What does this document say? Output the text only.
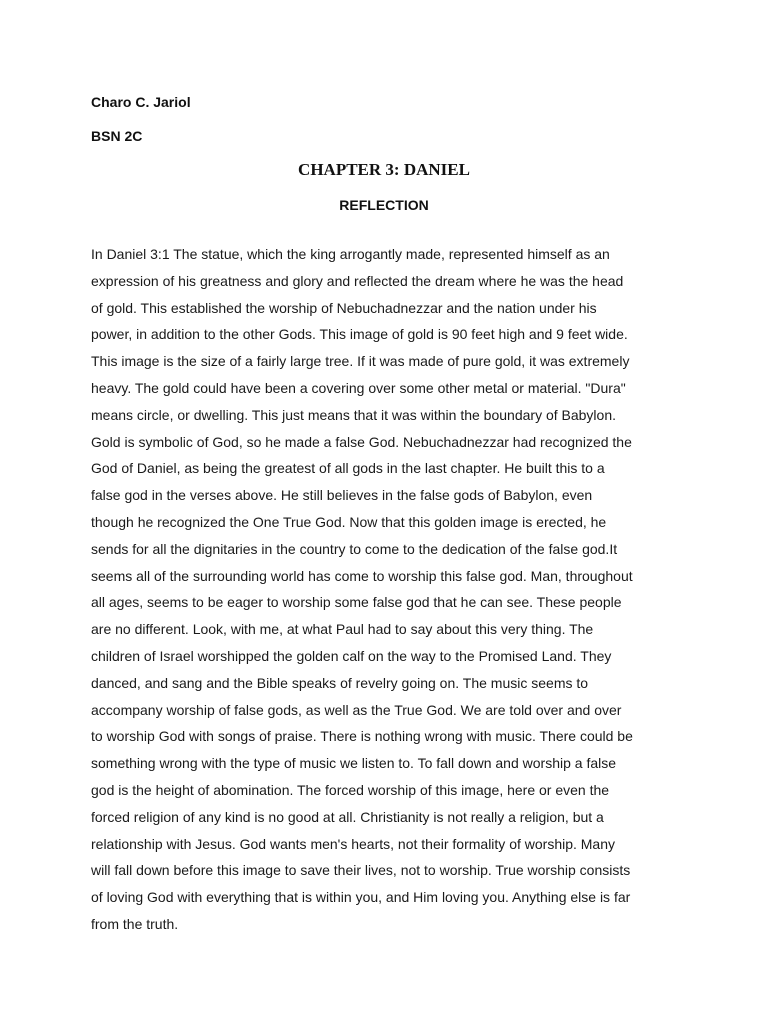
Charo C. Jariol

BSN 2C

CHAPTER 3: DANIEL
REFLECTION
In Daniel 3:1 The statue, which the king arrogantly made, represented himself as an
expression of his greatness and glory and reflected the dream where he was the head
of gold. This established the worship of Nebuchadnezzar and the nation under his
power, in addition to the other Gods. This image of gold is 90 feet high and 9 feet wide.
This image is the size of a fairly large tree. If it was made of pure gold, it was extremely
heavy. The gold could have been a covering over some other metal or material. "Dura"
means circle, or dwelling. This just means that it was within the boundary of Babylon.
Gold is symbolic of God, so he made a false God. Nebuchadnezzar had recognized the
God of Daniel, as being the greatest of all gods in the last chapter. He built this to a
false god in the verses above. He still believes in the false gods of Babylon, even
though he recognized the One True God. Now that this golden image is erected, he
sends for all the dignitaries in the country to come to the dedication of the false god.It
seems all of the surrounding world has come to worship this false god. Man, throughout
all ages, seems to be eager to worship some false god that he can see. These people
are no different. Look, with me, at what Paul had to say about this very thing. The
children of Israel worshipped the golden calf on the way to the Promised Land. They
danced, and sang and the Bible speaks of revelry going on. The music seems to
accompany worship of false gods, as well as the True God. We are told over and over
to worship God with songs of praise. There is nothing wrong with music. There could be
something wrong with the type of music we listen to. To fall down and worship a false
god is the height of abomination. The forced worship of this image, here or even the
forced religion of any kind is no good at all. Christianity is not really a religion, but a
relationship with Jesus. God wants men's hearts, not their formality of worship. Many
will fall down before this image to save their lives, not to worship. True worship consists
of loving God with everything that is within you, and Him loving you. Anything else is far
from the truth.
